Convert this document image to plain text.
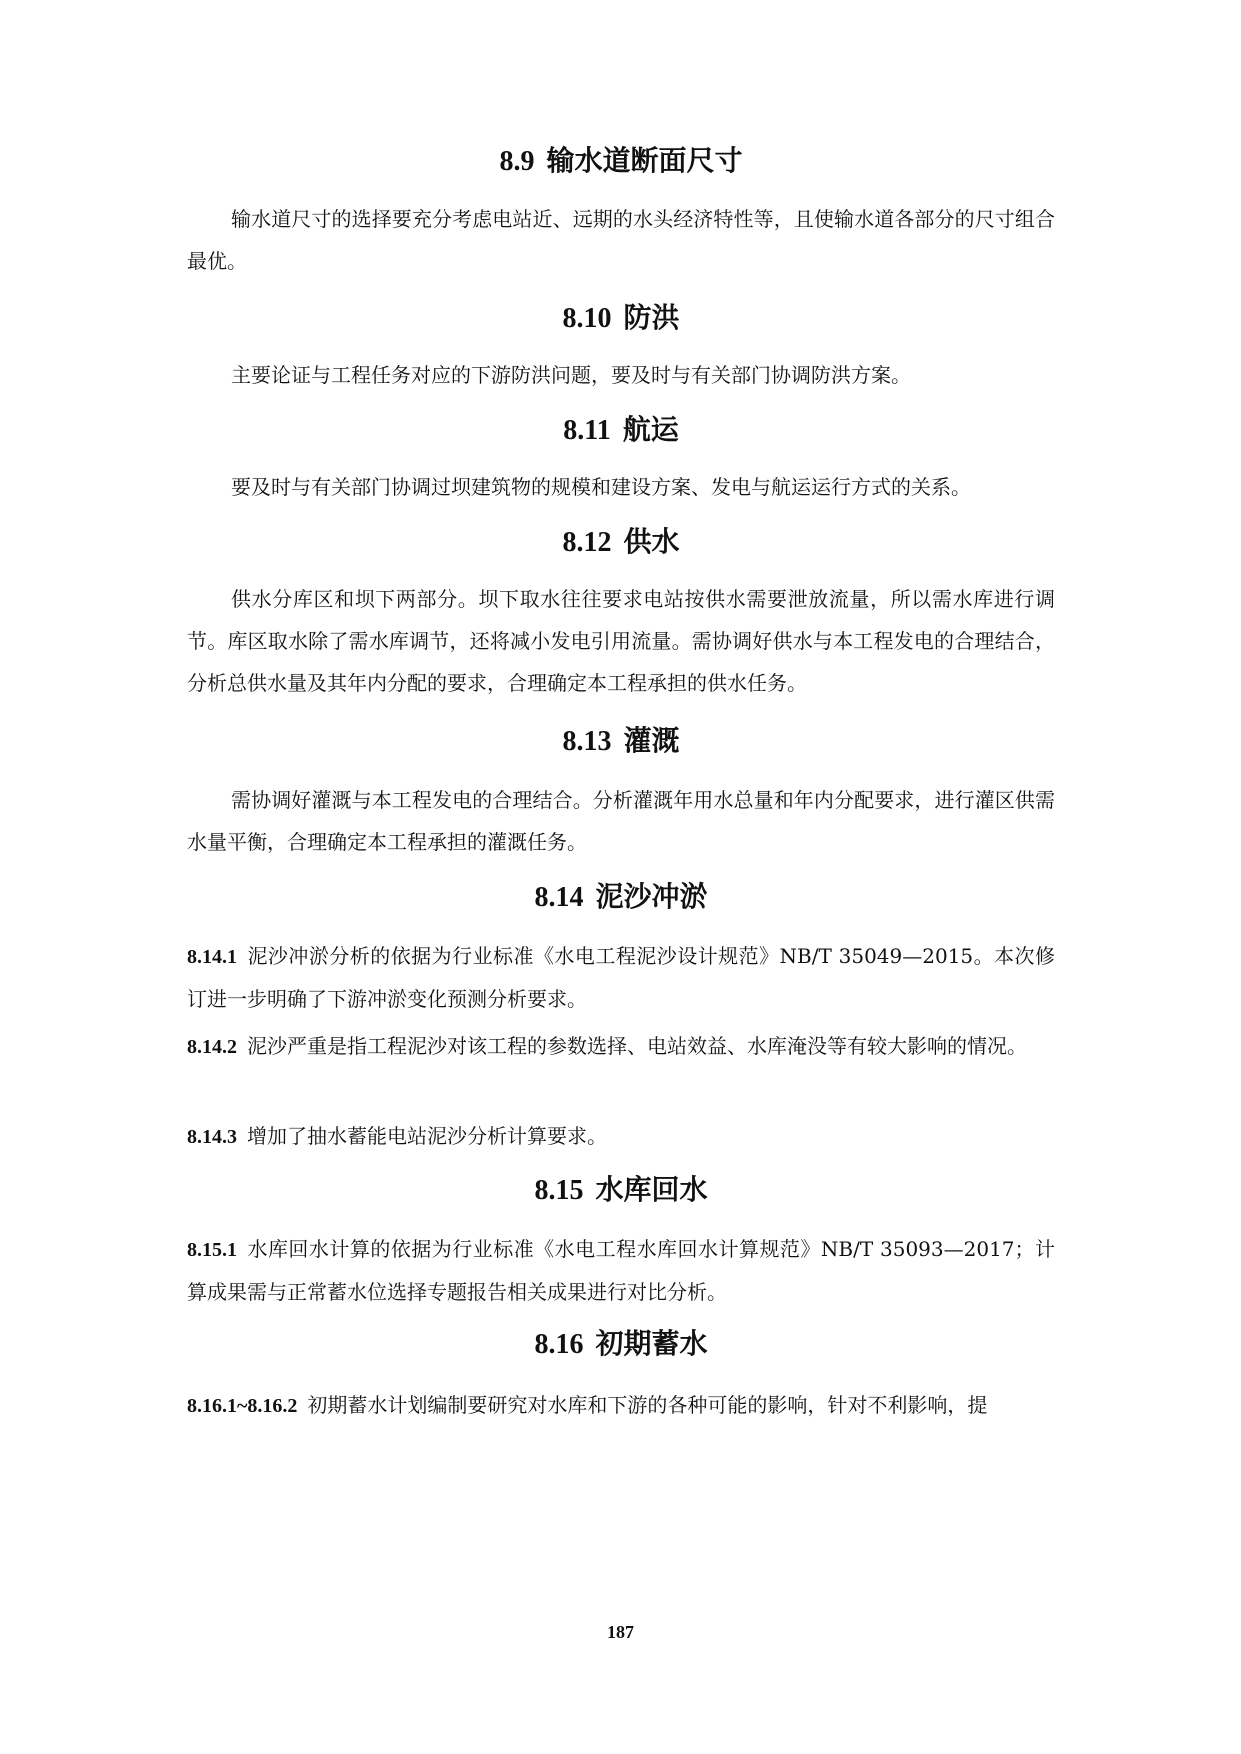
8.9 输水道断面尺寸
输水道尺寸的选择要充分考虑电站近、远期的水头经济特性等，且使输水道各部分的尺寸组合最优。
8.10 防洪
主要论证与工程任务对应的下游防洪问题，要及时与有关部门协调防洪方案。
8.11 航运
要及时与有关部门协调过坝建筑物的规模和建设方案、发电与航运运行方式的关系。
8.12 供水
供水分库区和坝下两部分。坝下取水往往要求电站按供水需要泄放流量，所以需水库进行调节。库区取水除了需水库调节，还将减小发电引用流量。需协调好供水与本工程发电的合理结合，分析总供水量及其年内分配的要求，合理确定本工程承担的供水任务。
8.13 灌溉
需协调好灌溉与本工程发电的合理结合。分析灌溉年用水总量和年内分配要求，进行灌区供需水量平衡，合理确定本工程承担的灌溉任务。
8.14 泥沙冲淤
8.14.1 泥沙冲淤分析的依据为行业标准《水电工程泥沙设计规范》NB/T 35049—2015。本次修订进一步明确了下游冲淤变化预测分析要求。
8.14.2 泥沙严重是指工程泥沙对该工程的参数选择、电站效益、水库淹没等有较大影响的情况。
8.14.3 增加了抽水蓄能电站泥沙分析计算要求。
8.15 水库回水
8.15.1 水库回水计算的依据为行业标准《水电工程水库回水计算规范》NB/T 35093—2017；计算成果需与正常蓄水位选择专题报告相关成果进行对比分析。
8.16 初期蓄水
8.16.1~8.16.2 初期蓄水计划编制要研究对水库和下游的各种可能的影响，针对不利影响，提
187
